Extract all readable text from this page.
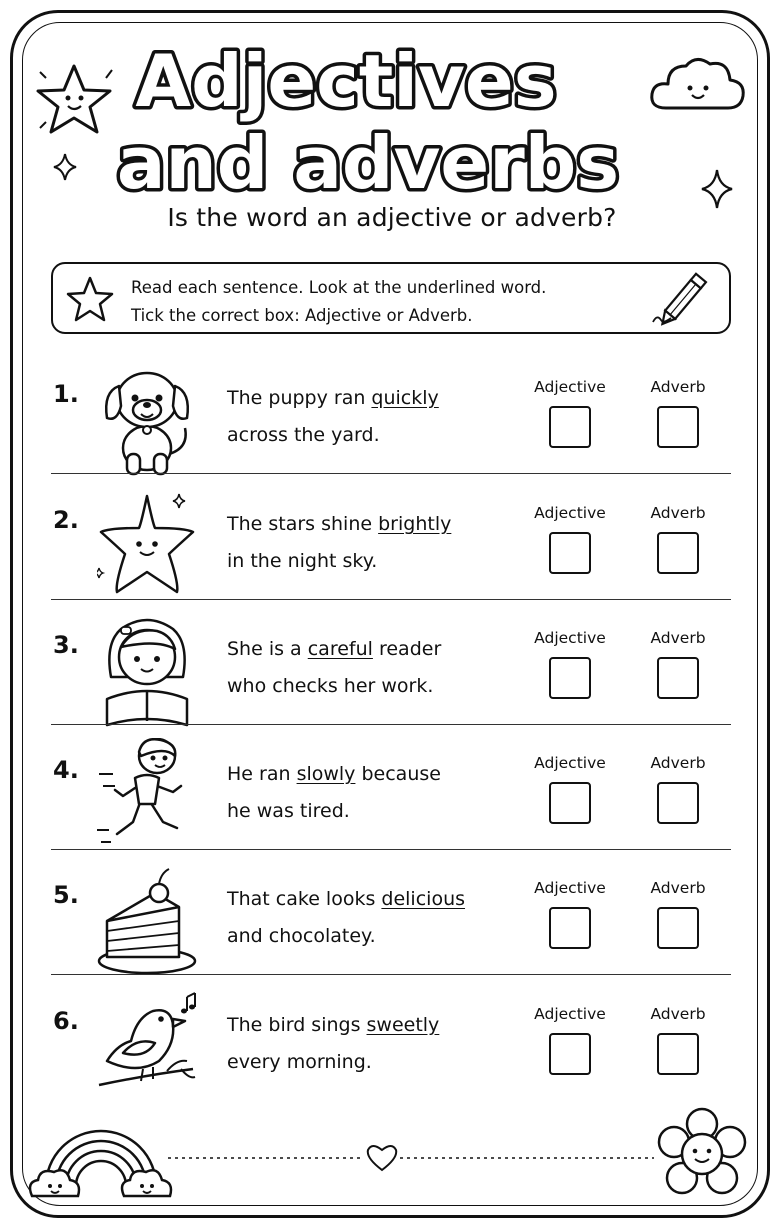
Adjectives
and adverbs
Is the word an adjective or adverb?
Read each sentence. Look at the underlined word.
Tick the correct box: Adjective or Adverb.
1.	The puppy ran quickly
across the yard.
Adjective	Adverb
2.	The stars shine brightly
in the night sky.
Adjective	Adverb
3.	She is a careful reader
who checks her work.
Adjective	Adverb
4.	He ran slowly because
he was tired.
Adjective	Adverb
5.	That cake looks delicious
and chocolatey.
Adjective	Adverb
6.	The bird sings sweetly
every morning.
Adjective	Adverb
